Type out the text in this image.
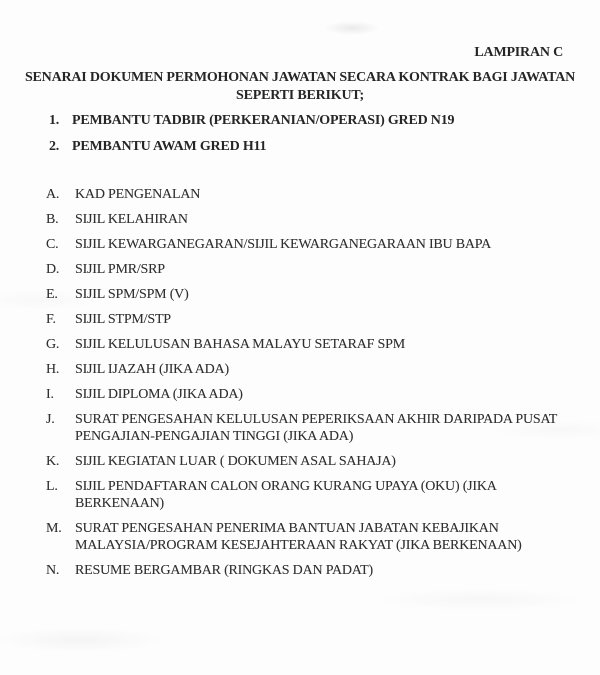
LAMPIRAN C
SENARAI DOKUMEN PERMOHONAN JAWATAN SECARA KONTRAK BAGI JAWATAN
SEPERTI BERIKUT;
1. PEMBANTU TADBIR (PERKERANIAN/OPERASI) GRED N19
2. PEMBANTU AWAM GRED H11
A.	KAD PENGENALAN
B.	SIJIL KELAHIRAN
C.	SIJIL KEWARGANEGARAN/SIJIL KEWARGANEGARAAN IBU BAPA
D.	SIJIL PMR/SRP
E.	SIJIL SPM/SPM (V)
F.	SIJIL STPM/STP
G.	SIJIL KELULUSAN BAHASA MALAYU SETARAF SPM
H.	SIJIL IJAZAH (JIKA ADA)
I.	SIJIL DIPLOMA (JIKA ADA)
J.	SURAT PENGESAHAN KELULUSAN PEPERIKSAAN AKHIR DARIPADA PUSAT
PENGAJIAN-PENGAJIAN TINGGI (JIKA ADA)
K.	SIJIL KEGIATAN LUAR ( DOKUMEN ASAL SAHAJA)
L.	SIJIL PENDAFTARAN CALON ORANG KURANG UPAYA (OKU) (JIKA BERKENAAN)
M. SURAT PENGESAHAN PENERIMA BANTUAN JABATAN KEBAJIKAN
MALAYSIA/PROGRAM KESEJAHTERAAN RAKYAT (JIKA BERKENAAN)
N.	RESUME BERGAMBAR (RINGKAS DAN PADAT)
